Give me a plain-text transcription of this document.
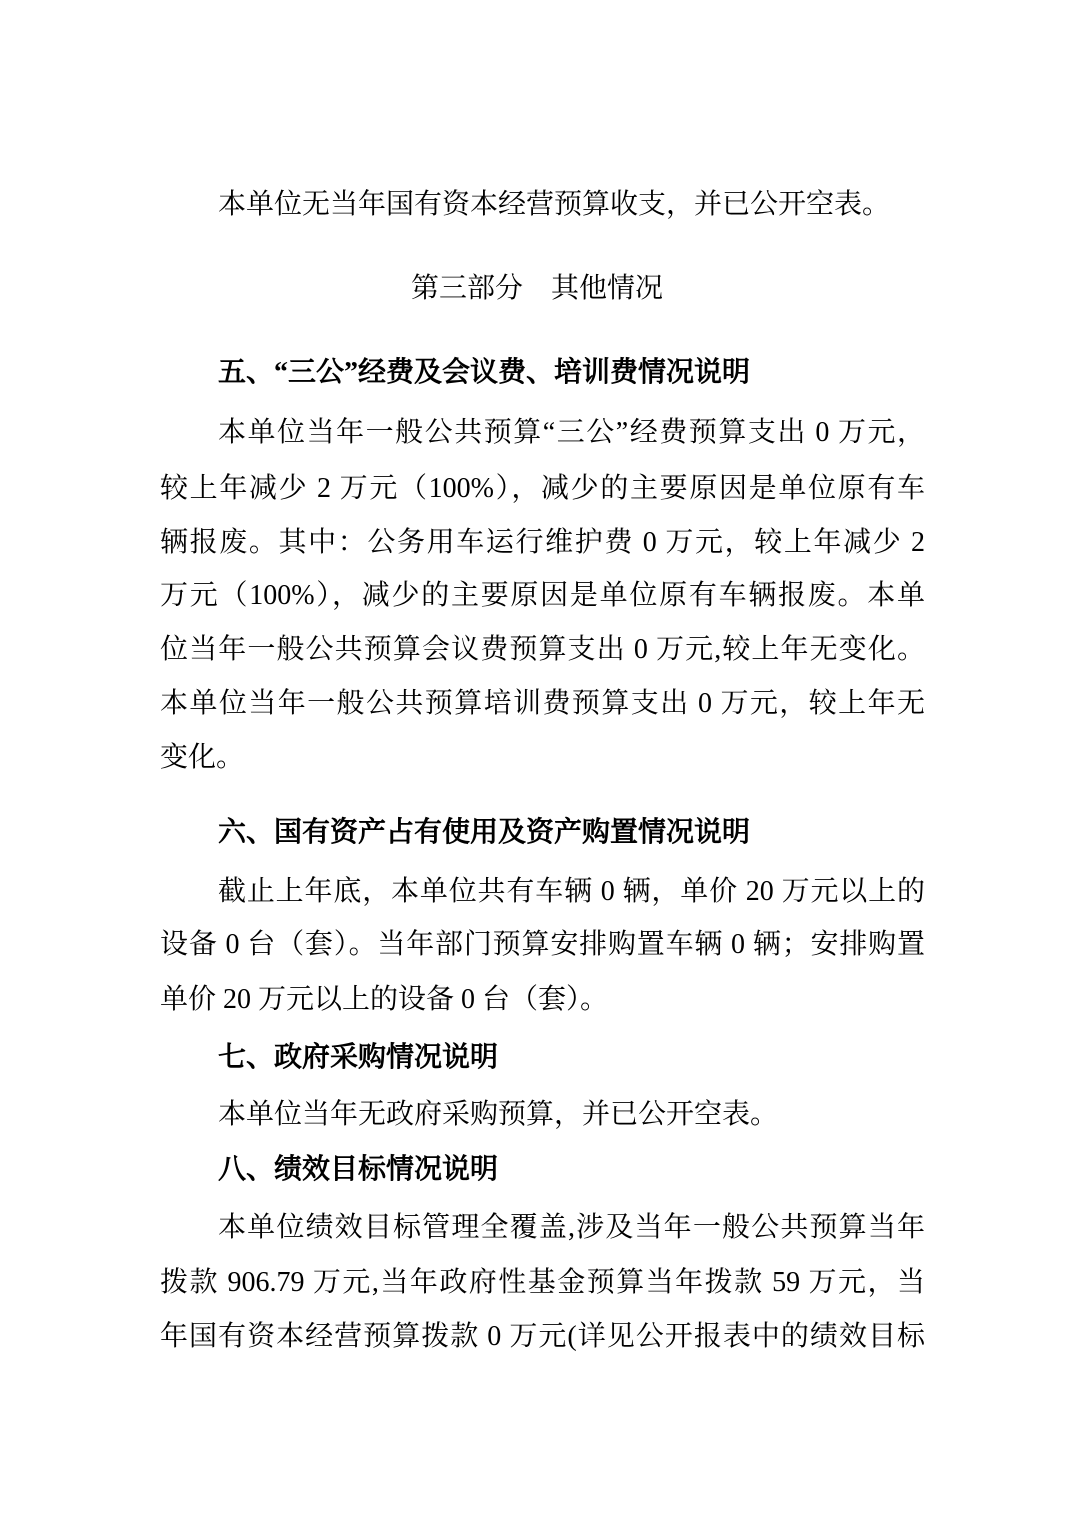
本单位无当年国有资本经营预算收支，并已公开空表。
第三部分　其他情况
五、“三公”经费及会议费、培训费情况说明
本单位当年一般公共预算“三公”经费预算支出 0 万元，
较上年减少 2 万元（100%），减少的主要原因是单位原有车
辆报废。其中：公务用车运行维护费 0 万元，较上年减少 2
万元（100%），减少的主要原因是单位原有车辆报废。本单
位当年一般公共预算会议费预算支出 0 万元,较上年无变化。
本单位当年一般公共预算培训费预算支出 0 万元，较上年无
变化。
六、国有资产占有使用及资产购置情况说明
截止上年底，本单位共有车辆 0 辆，单价 20 万元以上的
设备 0 台（套）。当年部门预算安排购置车辆 0 辆；安排购置
单价 20 万元以上的设备 0 台（套）。
七、政府采购情况说明
本单位当年无政府采购预算，并已公开空表。
八、绩效目标情况说明
本单位绩效目标管理全覆盖,涉及当年一般公共预算当年
拨款 906.79 万元,当年政府性基金预算当年拨款 59 万元，当
年国有资本经营预算拨款 0 万元(详见公开报表中的绩效目标
